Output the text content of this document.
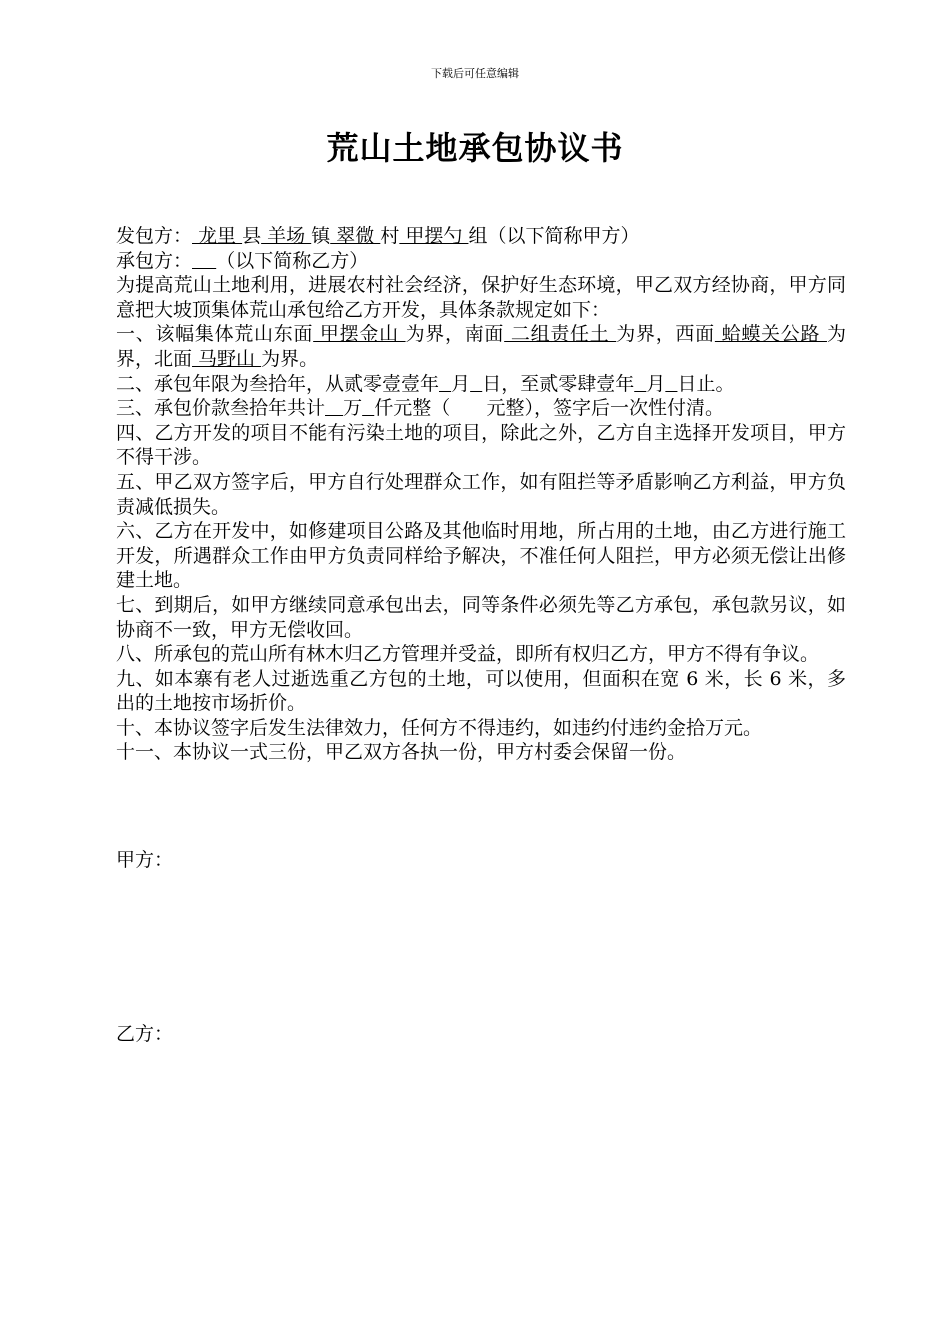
下载后可任意编辑
荒山土地承包协议书

发包方： 龙里 县 羊场 镇 翠微 村 甲摆勺 组（以下简称甲方）

承包方： （以下简称乙方）

为提高荒山土地利用，进展农村社会经济，保护好生态环境，甲乙双方经协商，甲方同意把大坡顶集体荒山承包给乙方开发，具体条款规定如下：

一、该幅集体荒山东面 甲摆金山 为界，南面 二组责任土 为界，西面 蛤蟆关公路 为界，北面 马野山 为界。

二、承包年限为叁拾年，从贰零壹壹年 月 日，至贰零肆壹年 月 日止。

三、承包价款叁拾年共计 万 仟元整（      元整），签字后一次性付清。

四、乙方开发的项目不能有污染土地的项目，除此之外，乙方自主选择开发项目，甲方不得干涉。

五、甲乙双方签字后，甲方自行处理群众工作，如有阻拦等矛盾影响乙方利益，甲方负责减低损失。

六、乙方在开发中，如修建项目公路及其他临时用地，所占用的土地，由乙方进行施工开发，所遇群众工作由甲方负责同样给予解决，不准任何人阻拦，甲方必须无偿让出修建土地。

七、到期后，如甲方继续同意承包出去，同等条件必须先等乙方承包，承包款另议，如协商不一致，甲方无偿收回。

八、所承包的荒山所有林木归乙方管理并受益，即所有权归乙方，甲方不得有争议。

九、如本寨有老人过逝选重乙方包的土地，可以使用，但面积在宽 6 米，长 6 米，多出的土地按市场折价。

十、本协议签字后发生法律效力，任何方不得违约，如违约付违约金拾万元。

十一、本协议一式三份，甲乙双方各执一份，甲方村委会保留一份。

甲方：
乙方：
